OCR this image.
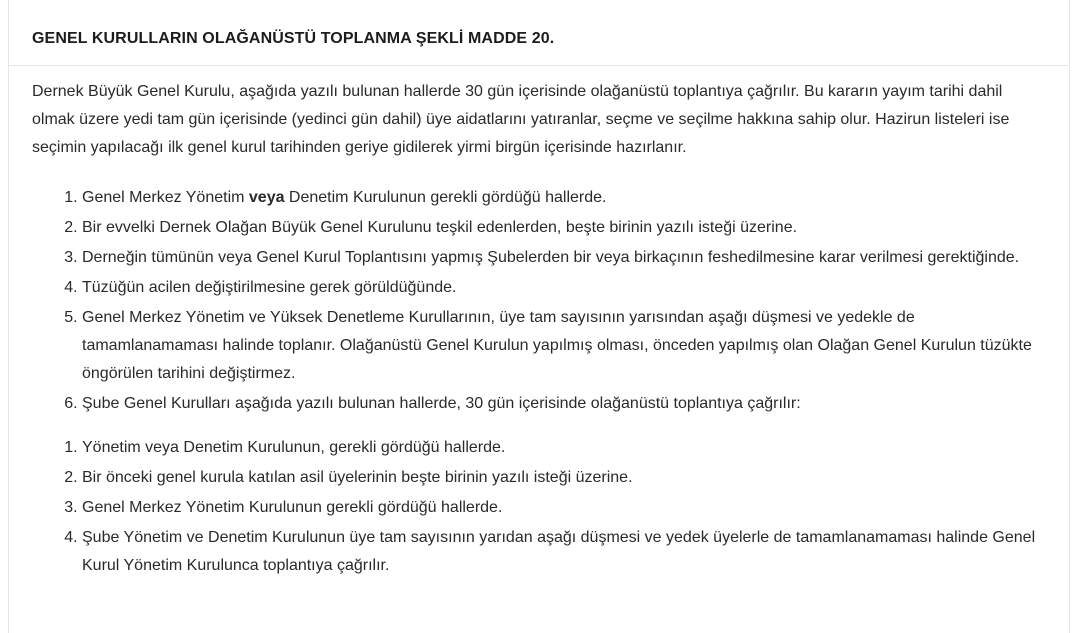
GENEL KURULLARIN OLAĞANÜSTÜ TOPLANMA ŞEKLİ MADDE 20.

Dernek Büyük Genel Kurulu, aşağıda yazılı bulunan hallerde 30 gün içerisinde olağanüstü toplantıya çağrılır. Bu kararın yayım tarihi dahil olmak üzere yedi tam gün içerisinde (yedinci gün dahil) üye aidatlarını yatıranlar, seçme ve seçilme hakkına sahip olur. Hazirun listeleri ise seçimin yapılacağı ilk genel kurul tarihinden geriye gidilerek yirmi birgün içerisinde hazırlanır.

1. Genel Merkez Yönetim veya Denetim Kurulunun gerekli gördüğü hallerde.
2. Bir evvelki Dernek Olağan Büyük Genel Kurulunu teşkil edenlerden, beşte birinin yazılı isteği üzerine.
3. Derneğin tümünün veya Genel Kurul Toplantısını yapmış Şubelerden bir veya birkaçının feshedilmesine karar verilmesi gerektiğinde.
4. Tüzüğün acilen değiştirilmesine gerek görüldüğünde.
5. Genel Merkez Yönetim ve Yüksek Denetleme Kurullarının, üye tam sayısının yarısından aşağı düşmesi ve yedekle de tamamlanamaması halinde toplanır. Olağanüstü Genel Kurulun yapılmış olması, önceden yapılmış olan Olağan Genel Kurulun tüzükte öngörülen tarihini değiştirmez.
6. Şube Genel Kurulları aşağıda yazılı bulunan hallerde, 30 gün içerisinde olağanüstü toplantıya çağrılır:
1. Yönetim veya Denetim Kurulunun, gerekli gördüğü hallerde.
2. Bir önceki genel kurula katılan asil üyelerinin beşte birinin yazılı isteği üzerine.
3. Genel Merkez Yönetim Kurulunun gerekli gördüğü hallerde.
4. Şube Yönetim ve Denetim Kurulunun üye tam sayısının yarıdan aşağı düşmesi ve yedek üyelerle de tamamlanamaması halinde Genel Kurul Yönetim Kurulunca toplantıya çağrılır.
